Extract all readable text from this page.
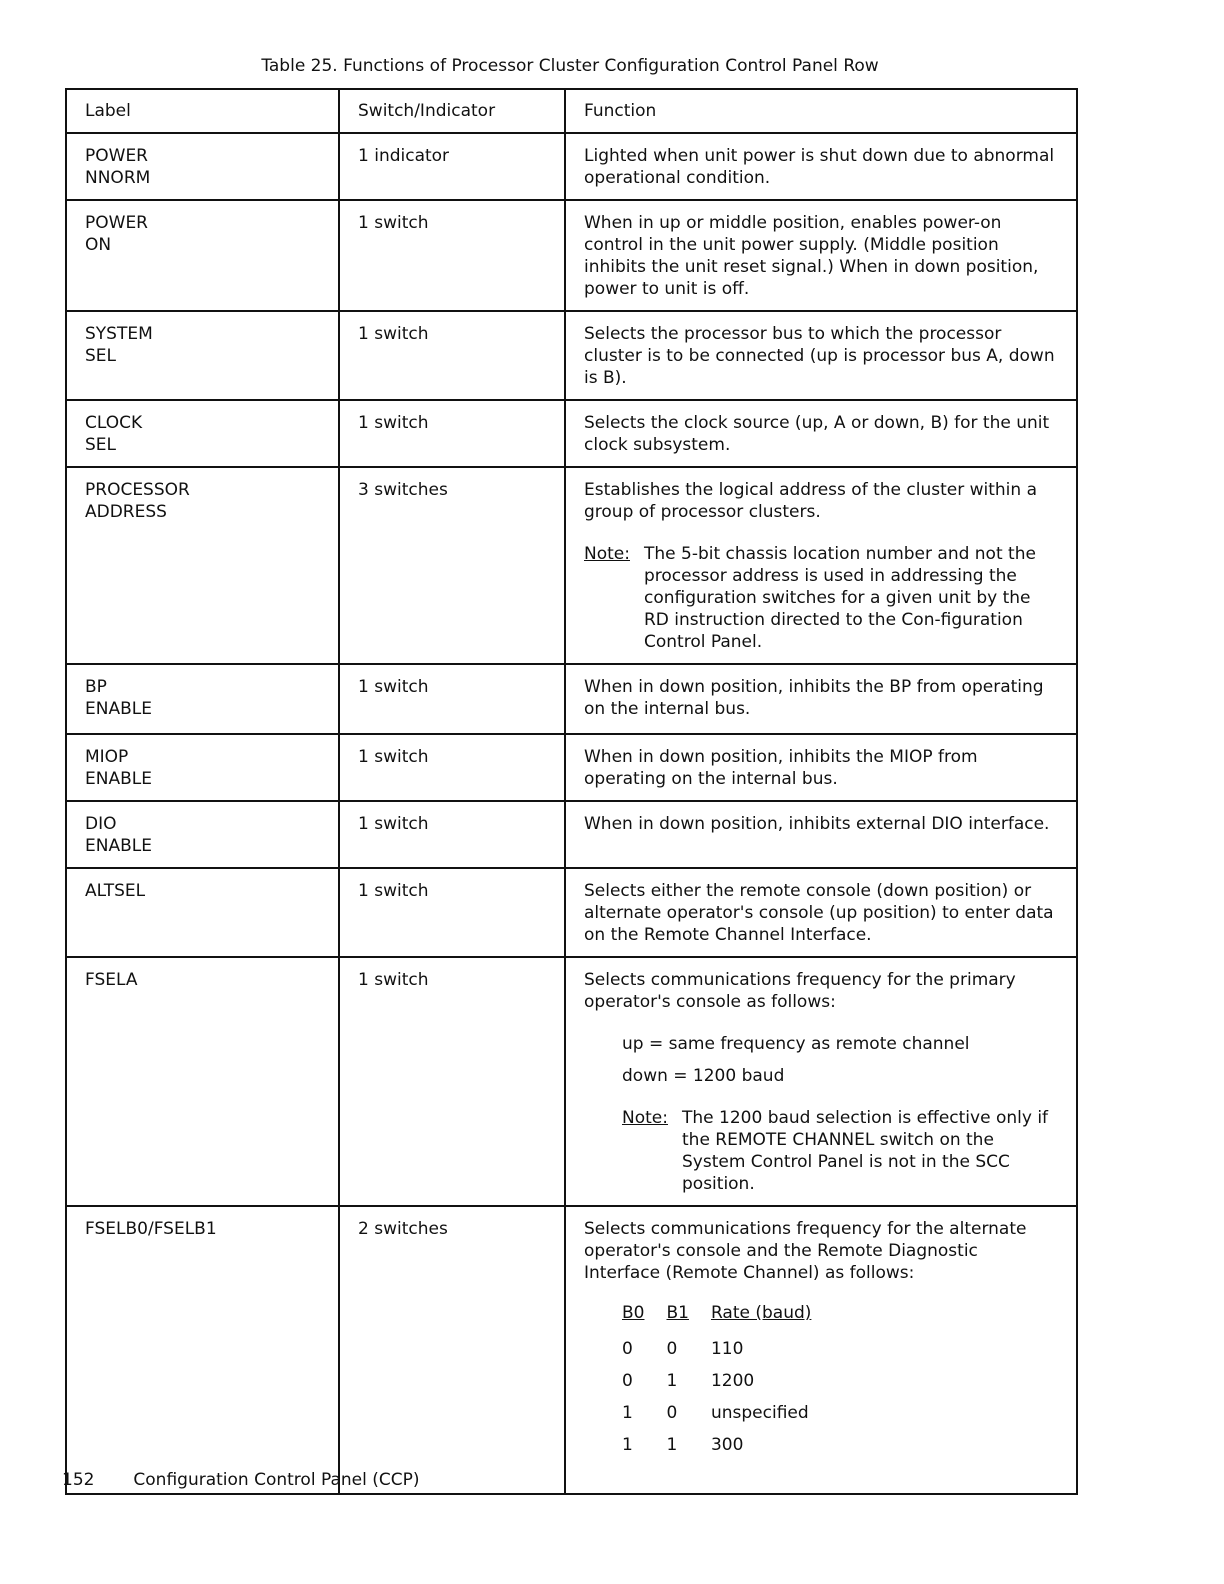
Table 25. Functions of Processor Cluster Configuration Control Panel Row
Label	Switch/Indicator	Function

POWER
NNORM
	1 indicator	Lighted when unit power is shut down due to abnormal operational condition.

POWER
ON
	1 switch	When in up or middle position, enables power-on control in the unit power supply. (Middle position inhibits the unit reset signal.) When in down position, power to unit is off.

SYSTEM
SEL
	1 switch	Selects the processor bus to which the processor cluster is to be connected (up is processor bus A, down is B).

CLOCK
SEL
	1 switch	Selects the clock source (up, A or down, B) for the unit clock subsystem.

PROCESSOR
ADDRESS
	3 switches	Establishes the logical address of the cluster within a group of processor clusters.
Note: The 5-bit chassis location number and not the processor address is used in addressing the configuration switches for a given unit by the RD instruction directed to the Con-figuration Control Panel.

BP
ENABLE
	1 switch	When in down position, inhibits the BP from operating on the internal bus.

MIOP
ENABLE
	1 switch	When in down position, inhibits the MIOP from operating on the internal bus.

DIO
ENABLE
	1 switch	When in down position, inhibits external DIO interface.

ALTSEL	1 switch	Selects either the remote console (down position) or alternate operator's console (up position) to enter data on the Remote Channel Interface.

FSELA	1 switch	Selects communications frequency for the primary operator's console as follows:
up = same frequency as remote channel
down = 1200 baud
Note: The 1200 baud selection is effective only if the REMOTE CHANNEL switch on the System Control Panel is not in the SCC position.

FSELB0/FSELB1	2 switches	Selects communications frequency for the alternate operator's console and the Remote Diagnostic Interface (Remote Channel) as follows:
B0	B1	Rate (baud)
0	0	110
0	1	1200
1	0	unspecified
1	1	300
152 Configuration Control Panel (CCP)
